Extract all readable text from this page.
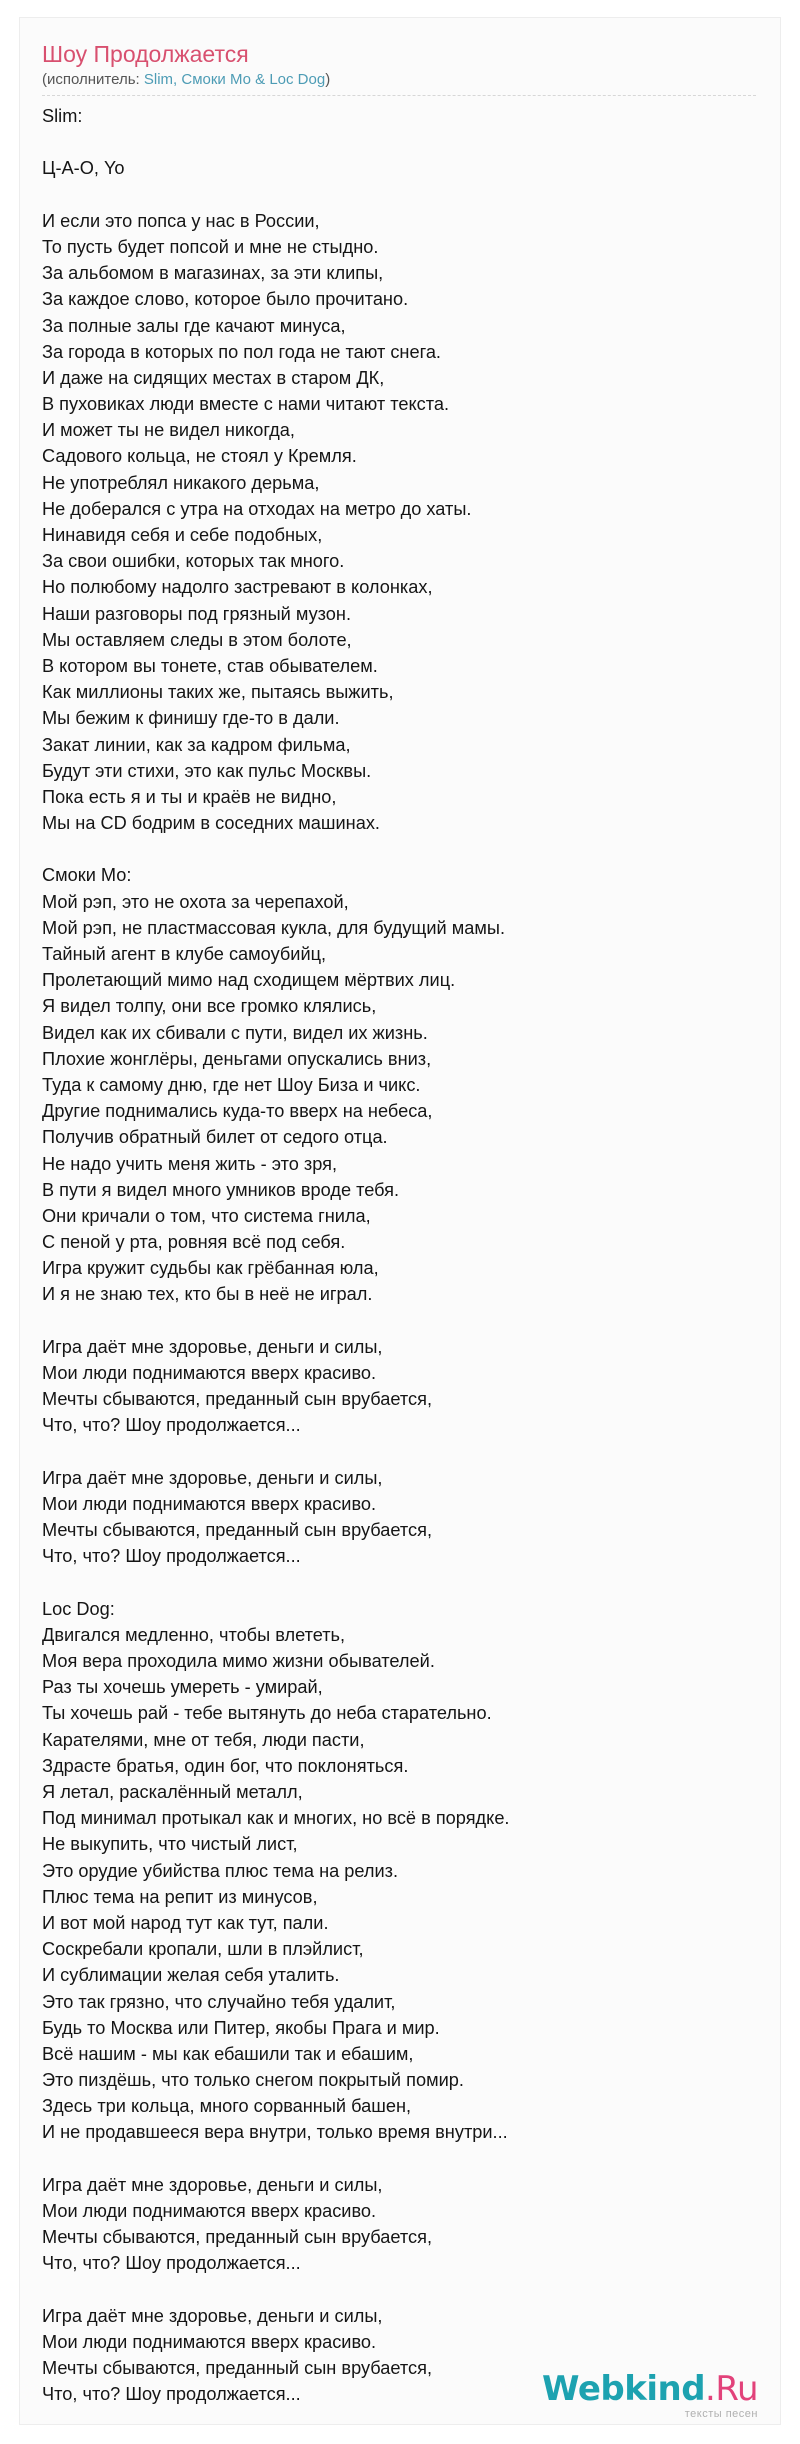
Шоу Продолжается
(исполнитель: Slim, Смоки Мо & Loc Dog)
Slim:
Ц-А-О, Yo
И если это попса у нас в России,
То пусть будет попсой и мне не стыдно.
За альбомом в магазинах, за эти клипы,
За каждое слово, которое было прочитано.
За полные залы где качают минуса,
За города в которых по пол года не тают снега.
И даже на сидящих местах в старом ДК,
В пуховиках люди вместе с нами читают текста.
И может ты не видел никогда,
Садового кольца, не стоял у Кремля.
Не употреблял никакого дерьма,
Не доберался с утра на отходах на метро до хаты.
Нинавидя себя и себе подобных,
За свои ошибки, которых так много.
Но полюбому надолго застревают в колонках,
Наши разговоры под грязный музон.
Мы оставляем следы в этом болоте,
В котором вы тонете, став обывателем.
Как миллионы таких же, пытаясь выжить,
Мы бежим к финишу где-то в дали.
Закат линии, как за кадром фильма,
Будут эти стихи, это как пульс Москвы.
Пока есть я и ты и краёв не видно,
Мы на CD бодрим в соседних машинах.
Смоки Мо:
Мой рэп, это не охота за черепахой,
Мой рэп, не пластмассовая кукла, для будущий мамы.
Тайный агент в клубе самоубийц,
Пролетающий мимо над сходищем мёртвих лиц.
Я видел толпу, они все громко клялись,
Видел как их сбивали с пути, видел их жизнь.
Плохие жонглёры, деньгами опускались вниз,
Туда к самому дню, где нет Шоу Биза и чикс.
Другие поднимались куда-то вверх на небеса,
Получив обратный билет от седого отца.
Не надо учить меня жить - это зря,
В пути я видел много умников вроде тебя.
Они кричали о том, что система гнила,
С пеной у рта, ровняя всё под себя.
Игра кружит судьбы как грёбанная юла,
И я не знаю тех, кто бы в неё не играл.
Игра даёт мне здоровье, деньги и силы,
Мои люди поднимаются вверх красиво.
Мечты сбываются, преданный сын врубается,
Что, что? Шоу продолжается...
Игра даёт мне здоровье, деньги и силы,
Мои люди поднимаются вверх красиво.
Мечты сбываются, преданный сын врубается,
Что, что? Шоу продолжается...
Loc Dog:
Двигался медленно, чтобы влететь,
Моя вера проходила мимо жизни обывателей.
Раз ты хочешь умереть - умирай,
Ты хочешь рай - тебе вытянуть до неба старательно.
Карателями, мне от тебя, люди пасти,
Здрасте братья, один бог, что поклоняться.
Я летал, раскалённый металл,
Под минимал протыкал как и многих, но всё в порядке.
Не выкупить, что чистый лист,
Это орудие убийства плюс тема на релиз.
Плюс тема на репит из минусов,
И вот мой народ тут как тут, пали.
Соскребали кропали, шли в плэйлист,
И сублимации желая себя уталить.
Это так грязно, что случайно тебя удалит,
Будь то Москва или Питер, якобы Прага и мир.
Всё нашим - мы как ебашили так и ебашим,
Это пиздёшь, что только снегом покрытый помир.
Здесь три кольца, много сорванный башен,
И не продавшееся вера внутри, только время внутри...
Игра даёт мне здоровье, деньги и силы,
Мои люди поднимаются вверх красиво.
Мечты сбываются, преданный сын врубается,
Что, что? Шоу продолжается...
Игра даёт мне здоровье, деньги и силы,
Мои люди поднимаются вверх красиво.
Мечты сбываются, преданный сын врубается,
Что, что? Шоу продолжается...	Webkind.Ru
тексты песен
